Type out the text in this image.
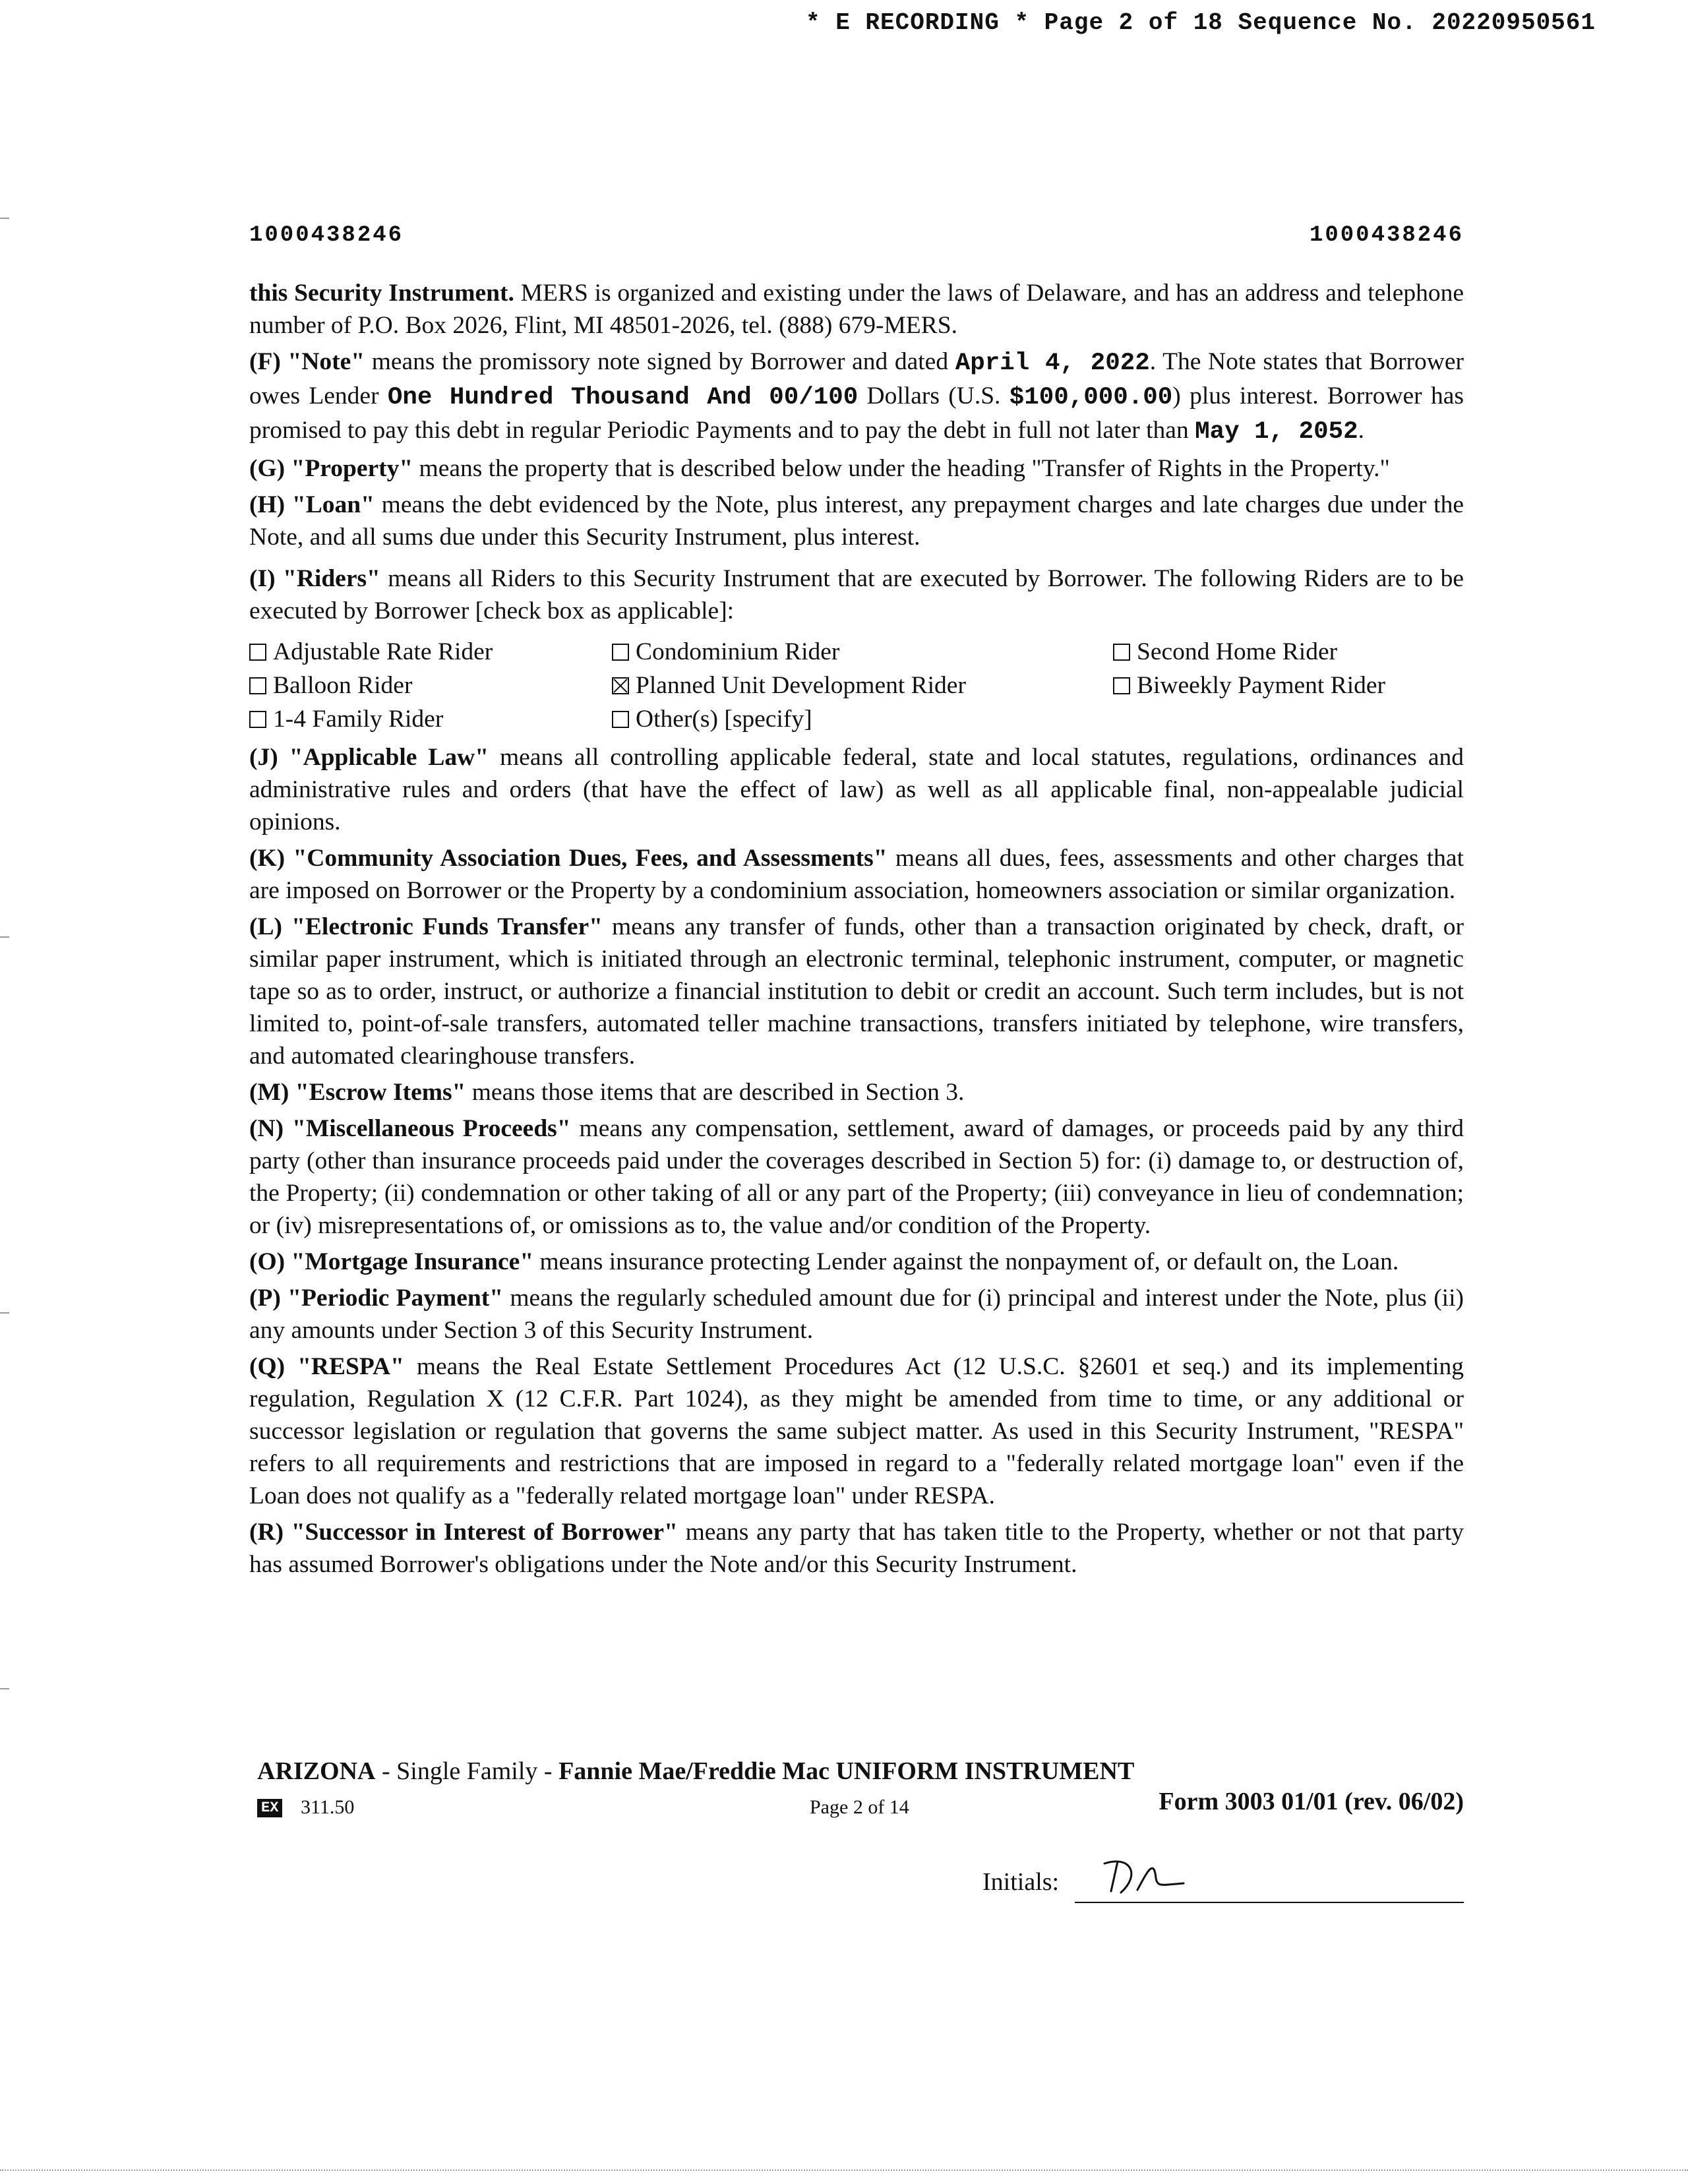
* E RECORDING * Page 2 of 18 Sequence No. 20220950561
1000438246	1000438246

this Security Instrument. MERS is organized and existing under the laws of Delaware, and has an address and telephone number of P.O. Box 2026, Flint, MI 48501-2026, tel. (888) 679-MERS.

(F) "Note" means the promissory note signed by Borrower and dated April 4, 2022. The Note states that Borrower owes Lender One Hundred Thousand And 00/100 Dollars (U.S. $100,000.00) plus interest. Borrower has promised to pay this debt in regular Periodic Payments and to pay the debt in full not later than May 1, 2052.

(G) "Property" means the property that is described below under the heading "Transfer of Rights in the Property."

(H) "Loan" means the debt evidenced by the Note, plus interest, any prepayment charges and late charges due under the Note, and all sums due under this Security Instrument, plus interest.

(I) "Riders" means all Riders to this Security Instrument that are executed by Borrower. The following Riders are to be executed by Borrower [check box as applicable]:

Adjustable Rate Rider	Condominium Rider	Second Home Rider
Balloon Rider	Planned Unit Development Rider	Biweekly Payment Rider
1-4 Family Rider	Other(s) [specify]

(J) "Applicable Law" means all controlling applicable federal, state and local statutes, regulations, ordinances and administrative rules and orders (that have the effect of law) as well as all applicable final, non-appealable judicial opinions.

(K) "Community Association Dues, Fees, and Assessments" means all dues, fees, assessments and other charges that are imposed on Borrower or the Property by a condominium association, homeowners association or similar organization.

(L) "Electronic Funds Transfer" means any transfer of funds, other than a transaction originated by check, draft, or similar paper instrument, which is initiated through an electronic terminal, telephonic instrument, computer, or magnetic tape so as to order, instruct, or authorize a financial institution to debit or credit an account. Such term includes, but is not limited to, point-of-sale transfers, automated teller machine transactions, transfers initiated by telephone, wire transfers, and automated clearinghouse transfers.

(M) "Escrow Items" means those items that are described in Section 3.

(N) "Miscellaneous Proceeds" means any compensation, settlement, award of damages, or proceeds paid by any third party (other than insurance proceeds paid under the coverages described in Section 5) for: (i) damage to, or destruction of, the Property; (ii) condemnation or other taking of all or any part of the Property; (iii) conveyance in lieu of condemnation; or (iv) misrepresentations of, or omissions as to, the value and/or condition of the Property.

(O) "Mortgage Insurance" means insurance protecting Lender against the nonpayment of, or default on, the Loan.

(P) "Periodic Payment" means the regularly scheduled amount due for (i) principal and interest under the Note, plus (ii) any amounts under Section 3 of this Security Instrument.

(Q) "RESPA" means the Real Estate Settlement Procedures Act (12 U.S.C. §2601 et seq.) and its implementing regulation, Regulation X (12 C.F.R. Part 1024), as they might be amended from time to time, or any additional or successor legislation or regulation that governs the same subject matter. As used in this Security Instrument, "RESPA" refers to all requirements and restrictions that are imposed in regard to a "federally related mortgage loan" even if the Loan does not qualify as a "federally related mortgage loan" under RESPA.

(R) "Successor in Interest of Borrower" means any party that has taken title to the Property, whether or not that party has assumed Borrower's obligations under the Note and/or this Security Instrument.

ARIZONA - Single Family - Fannie Mae/Freddie Mac UNIFORM INSTRUMENT
EX 311.50	Page 2 of 14	Form 3003 01/01 (rev. 06/02)
Initials:
